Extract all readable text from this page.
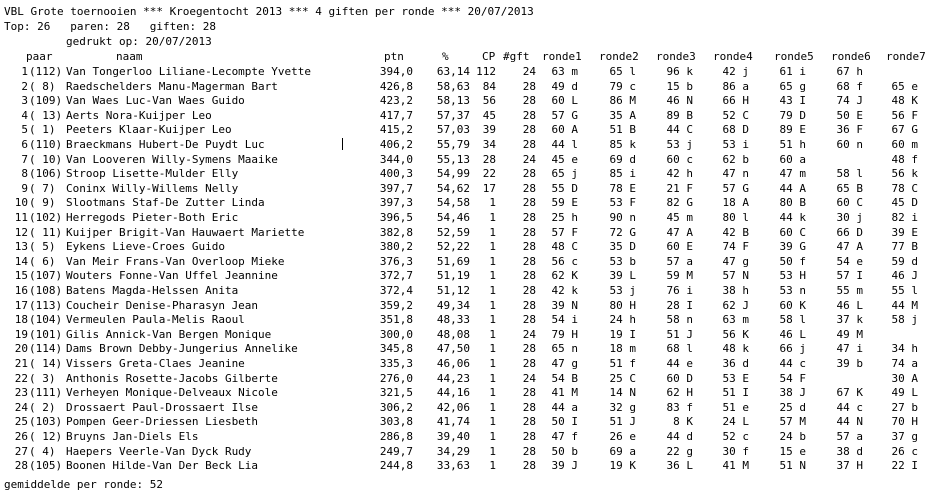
VBL Grote toernooien *** Kroegentocht 2013 *** 4 giften per ronde *** 20/07/2013
Top: 26 paren: 28 giften: 28
gedrukt op: 20/07/2013
paar	naam	ptn	%	CP #gft ronde1 ronde2 ronde3 ronde4 ronde5 ronde6 ronde7
1 (112) Van Tongerloo Liliane-Lecompte Yvette	394,0 63,14 112 24 63 m	65 l	96 k	42 j	61 i	67 h
2 ( 8) Raedschelders Manu-Magerman Bart	426,8 58,63 84 28 49 d	79 c	15 b	86 a	65 g	68 f	65 e
3 (109) Van Waes Luc-Van Waes Guido	423,2 58,13 56 28 60 L	86 M	46 N	66 H	43 I	74 J	48 K
4 ( 13) Aerts Nora-Kuijper Leo	417,7 57,37 45 28 57 G	35 A	89 B	52 C	79 D	50 E	56 F
5 ( 1) Peeters Klaar-Kuijper Leo	415,2 57,03 39 28 60 A	51 B	44 C	68 D	89 E	36 F	67 G
6 (110) Braeckmans Hubert-De Puydt Luc	406,2 55,79 34 28 44 l	85 k	53 j	53 i	51 h	60 n	60 m
7 ( 10) Van Looveren Willy-Symens Maaike	344,0 55,13 28 24 45 e	69 d	60 c	62 b	60 a	48 f
8 (106) Stroop Lisette-Mulder Elly	400,3 54,99 22 28 65 j	85 i	42 h	47 n	47 m	58 l	56 k
9 ( 7) Coninx Willy-Willems Nelly	397,7 54,62 17 28 55 D	78 E	21 F	57 G	44 A	65 B	78 C
10 ( 9) Slootmans Staf-De Zutter Linda	397,3 54,58 1 28 59 E	53 F	82 G	18 A	80 B	60 C	45 D
11 (102) Herregods Pieter-Both Eric	396,5 54,46 1 28 25 h	90 n	45 m	80 l	44 k	30 j	82 i
12 ( 11) Kuijper Brigit-Van Hauwaert Mariette	382,8 52,59 1 28 57 F	72 G	47 A	42 B	60 C	66 D	39 E
13 ( 5) Eykens Lieve-Croes Guido	380,2 52,22 1 28 48 C	35 D	60 E	74 F	39 G	47 A	77 B
14 ( 6) Van Meir Frans-Van Overloop Mieke	376,3 51,69 1 28 56 c	53 b	57 a	47 g	50 f	54 e	59 d
15 (107) Wouters Fonne-Van Uffel Jeannine	372,7 51,19 1 28 62 K	39 L	59 M	57 N	53 H	57 I	46 J
16 (108) Batens Magda-Helssen Anita	372,4 51,12 1 28 42 k	53 j	76 i	38 h	53 n	55 m	55 l
17 (113) Coucheir Denise-Pharasyn Jean	359,2 49,34 1 28 39 N	80 H	28 I	62 J	60 K	46 L	44 M
18 (104) Vermeulen Paula-Melis Raoul	351,8 48,33 1 28 54 i	24 h	58 n	63 m	58 l	37 k	58 j
19 (101) Gilis Annick-Van Bergen Monique	300,0 48,08 1 24 79 H	19 I	51 J	56 K	46 L	49 M
20 (114) Dams Brown Debby-Jungerius Annelike	345,8 47,50 1 28 65 n	18 m	68 l	48 k	66 j	47 i	34 h
21 ( 14) Vissers Greta-Claes Jeanine	335,3 46,06 1 28 47 g	51 f	44 e	36 d	44 c	39 b	74 a
22 ( 3) Anthonis Rosette-Jacobs Gilberte	276,0 44,23 1 24 54 B	25 C	60 D	53 E	54 F	30 A
23 (111) Verheyen Monique-Delveaux Nicole	321,5 44,16 1 28 41 M	14 N	62 H	51 I	38 J	67 K	49 L
24 ( 2) Drossaert Paul-Drossaert Ilse	306,2 42,06 1 28 44 a	32 g	83 f	51 e	25 d	44 c	27 b
25 (103) Pompen Geer-Driessen Liesbeth	303,8 41,74 1 28 50 I	51 J	8 K	24 L	57 M	44 N	70 H
26 ( 12) Bruyns Jan-Diels Els	286,8 39,40 1 28 47 f	26 e	44 d	52 c	24 b	57 a	37 g
27 ( 4) Haepers Veerle-Van Dyck Rudy	249,7 34,29 1 28 50 b	69 a	22 g	30 f	15 e	38 d	26 c
28 (105) Boonen Hilde-Van Der Beck Lia	244,8 33,63 1 28 39 J	19 K	36 L	41 M	51 N	37 H	22 I
gemiddelde per ronde: 52
